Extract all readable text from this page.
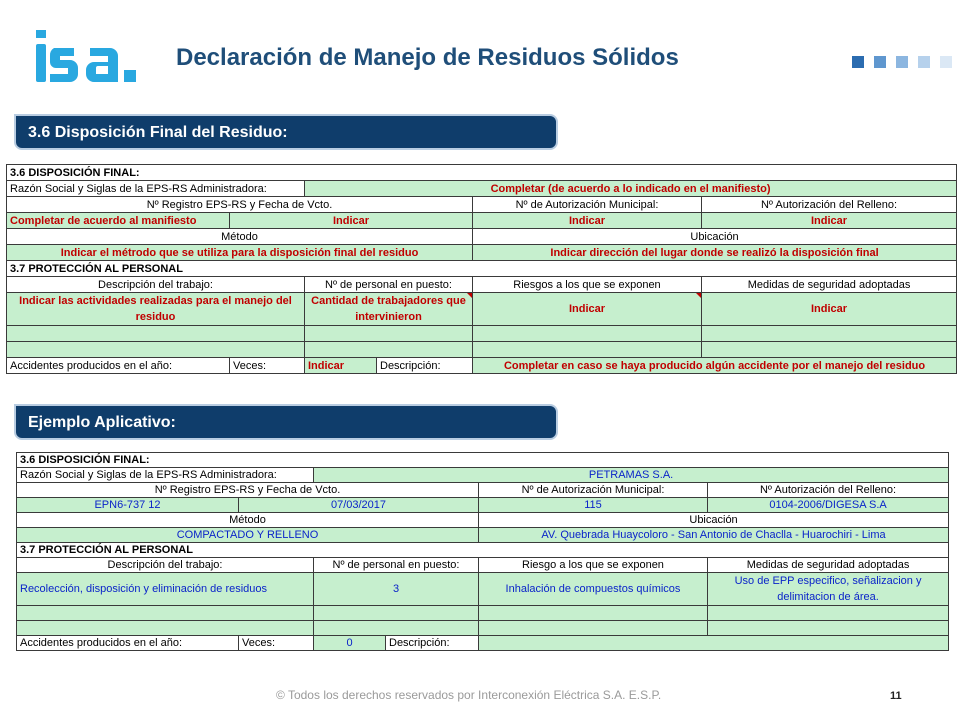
Declaración de Manejo de Residuos Sólidos
3.6 Disposición Final del Residuo:
3.6 DISPOSICIÓN FINAL:					
Razón Social y Siglas de la EPS-RS Administradora:		Completar (de acuerdo a lo indicado en el manifiesto)			
Nº Registro EPS-RS y Fecha de Vcto.				Nº de Autorización Municipal:	Nº Autorización del Relleno:
Completar de acuerdo al manifiesto	Indicar			Indicar	Indicar
Método				Ubicación	
Indicar el métrodo que se utiliza para la disposición final del residuo				Indicar dirección del lugar donde se realizó la disposición final	
3.7 PROTECCIÓN AL PERSONAL					
Descripción del trabajo:		Nº de personal en puesto:		Riesgos a los que se exponen	Medidas de seguridad adoptadas
Indicar las actividades realizadas para el manejo del residuo		Cantidad de trabajadores que intervinieron		Indicar	Indicar

Accidentes producidos en el año:	Veces:	Indicar	Descripción:	Completar en caso se haya producido algún accidente por el manejo del residuo	
Ejemplo Aplicativo:
3.6 DISPOSICIÓN FINAL:					
Razón Social y Siglas de la EPS-RS Administradora:		PETRAMAS S.A.			
Nº Registro EPS-RS y Fecha de Vcto.				Nº de Autorización Municipal:	Nº Autorización del Relleno:
EPN6-737 12	07/03/2017			115	0104-2006/DIGESA S.A
Método				Ubicación	
COMPACTADO Y RELLENO				AV. Quebrada Huaycoloro - San Antonio de Chaclla - Huarochiri - Lima	
3.7 PROTECCIÓN AL PERSONAL					
Descripción del trabajo:		Nº de personal en puesto:		Riesgo a los que se exponen	Medidas de seguridad adoptadas
Recolección, disposición y eliminación de residuos		3		Inhalación de compuestos químicos	Uso de EPP especifico, señalizacion y delimitacion de área.

Accidentes producidos en el año:	Veces:	0	Descripción:		
© Todos los derechos reservados por Interconexión Eléctrica S.A. E.S.P.	11
